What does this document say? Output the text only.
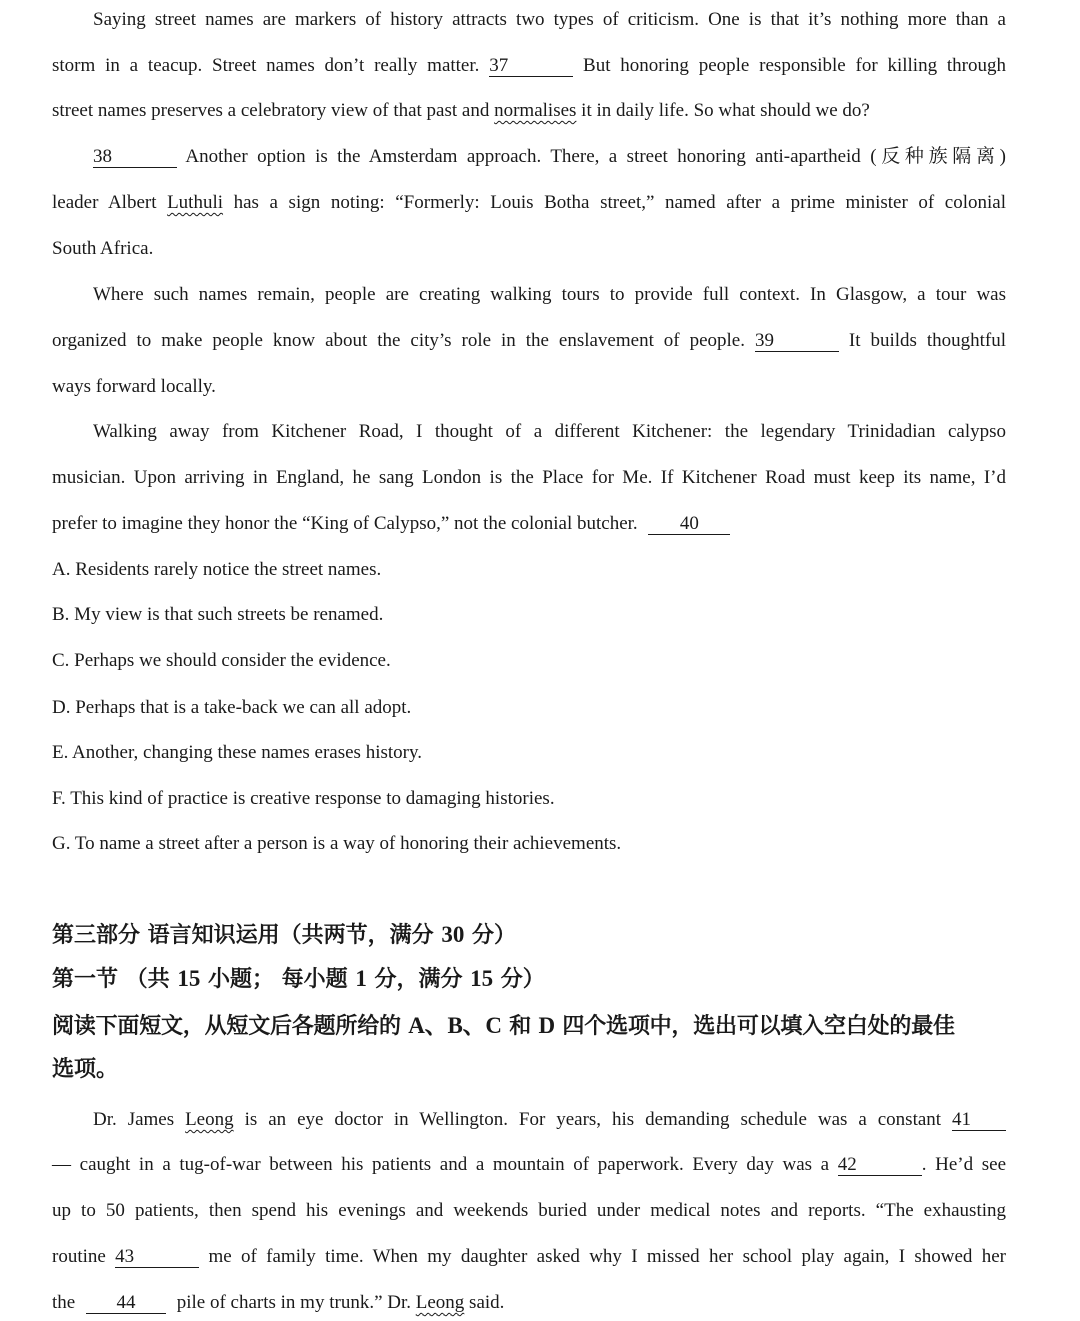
Saying street names are markers of history attracts two types of criticism. One is that it’s nothing more than a
storm in a teacup. Street names don’t really matter. 37	But honoring people responsible for killing through
street names preserves a celebratory view of that past and normalises it in daily life. So what should we do?
38	Another option is the Amsterdam approach. There, a street honoring anti-apartheid (反种族隔离)
leader Albert Luthuli has a sign noting: “Formerly: Louis Botha street,” named after a prime minister of colonial
South Africa.
Where such names remain, people are creating walking tours to provide full context. In Glasgow, a tour was
organized to make people know about the city’s role in the enslavement of people. 39	It builds thoughtful
ways forward locally.
Walking away from Kitchener Road, I thought of a different Kitchener: the legendary Trinidadian calypso
musician. Upon arriving in England, he sang London is the Place for Me. If Kitchener Road must keep its name, I’d
prefer to imagine they honor the “King of Calypso,” not the colonial butcher. 40
A. Residents rarely notice the street names.
B. My view is that such streets be renamed.
C. Perhaps we should consider the evidence.
D. Perhaps that is a take-back we can all adopt.
E. Another, changing these names erases history.
F. This kind of practice is creative response to damaging histories.
G. To name a street after a person is a way of honoring their achievements.
第三部分 语言知识运用（共两节，满分 30 分）
第一节 （共 15 小题； 每小题 1 分，满分 15 分）
阅读下面短文，从短文后各题所给的 A、B、C 和 D 四个选项中，选出可以填入空白处的最佳
选项。
Dr. James Leong is an eye doctor in Wellington. For years, his demanding schedule was a constant 41
— caught in a tug-of-war between his patients and a mountain of paperwork. Every day was a 42	. He’d see
up to 50 patients, then spend his evenings and weekends buried under medical notes and reports. “The exhausting
routine 43	me of family time. When my daughter asked why I missed her school play again, I showed her
the 44 pile of charts in my trunk.” Dr. Leong said.
